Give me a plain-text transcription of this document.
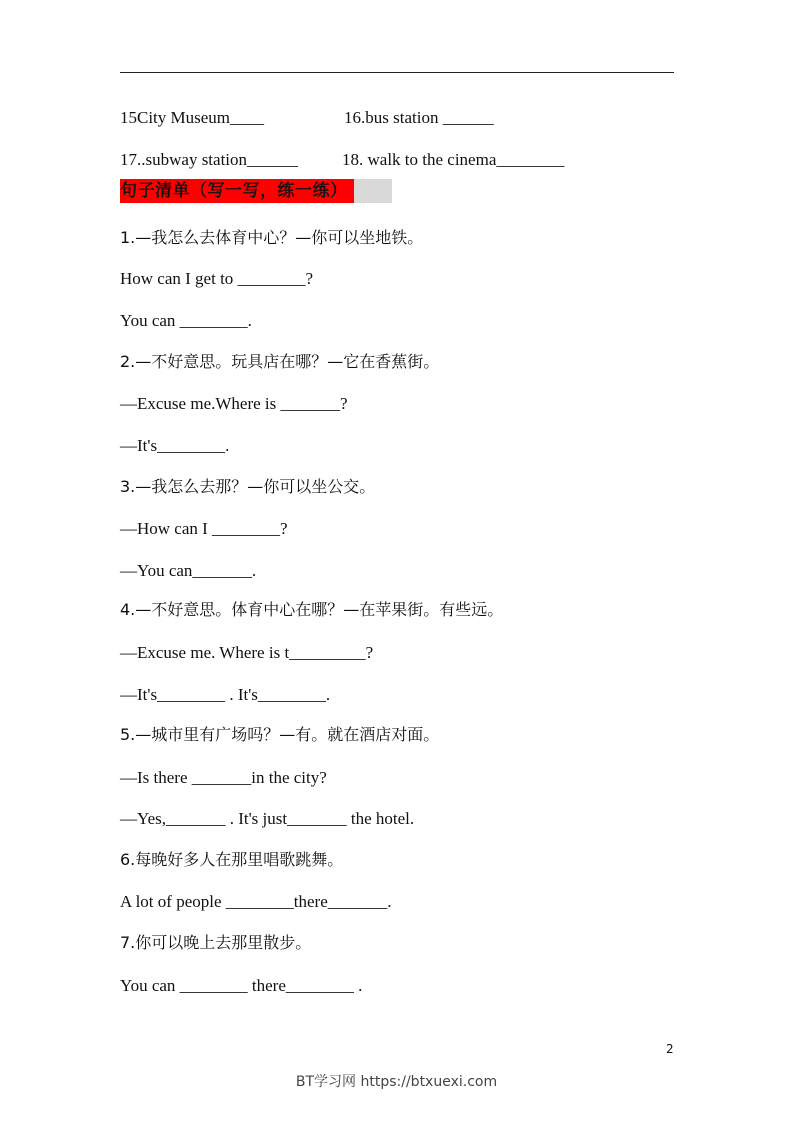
15City Museum____	16.bus station ______
17..subway station______	18. walk to the cinema________
句子清单（写一写，练一练）
1.—我怎么去体育中心？—你可以坐地铁。
How can I get to ________?
You can ________.
2.—不好意思。玩具店在哪？—它在香蕉街。
—Excuse me.Where is _______?
—It's________.
3.—我怎么去那？—你可以坐公交。
—How can I ________?
—You can_______.
4.—不好意思。体育中心在哪？—在苹果街。有些远。
—Excuse me. Where is t_________?
—It's________ . It's________.
5.—城市里有广场吗？—有。就在酒店对面。
—Is there _______in the city?
—Yes,_______ . It's just_______ the hotel.
6.每晚好多人在那里唱歌跳舞。
A lot of people ________there_______.
7.你可以晚上去那里散步。
You can ________ there________ .
2
BT学习网 https://btxuexi.com
